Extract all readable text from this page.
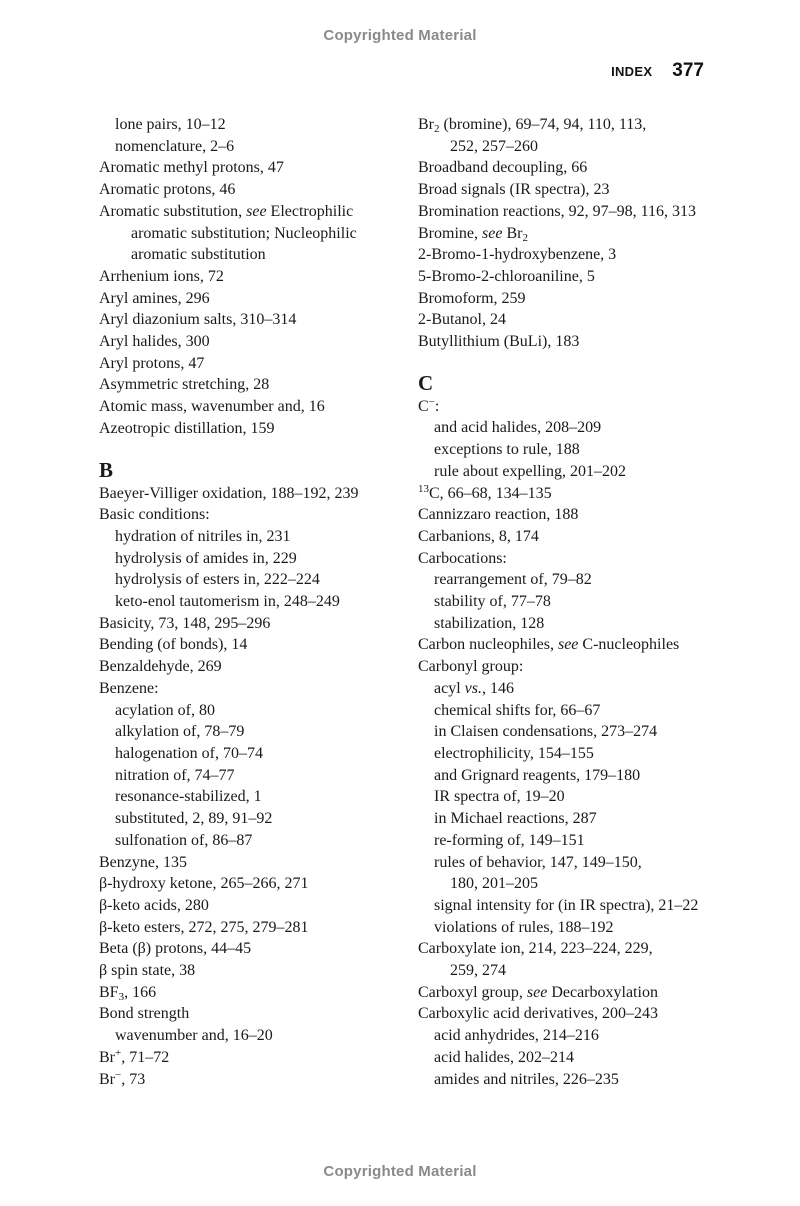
Copyrighted Material
INDEX 377
lone pairs, 10–12
nomenclature, 2–6
Aromatic methyl protons, 47
Aromatic protons, 46
Aromatic substitution, see Electrophilic
aromatic substitution; Nucleophilic
aromatic substitution
Arrhenium ions, 72
Aryl amines, 296
Aryl diazonium salts, 310–314
Aryl halides, 300
Aryl protons, 47
Asymmetric stretching, 28
Atomic mass, wavenumber and, 16
Azeotropic distillation, 159
B
Baeyer-Villiger oxidation, 188–192, 239
Basic conditions:
hydration of nitriles in, 231
hydrolysis of amides in, 229
hydrolysis of esters in, 222–224
keto-enol tautomerism in, 248–249
Basicity, 73, 148, 295–296
Bending (of bonds), 14
Benzaldehyde, 269
Benzene:
acylation of, 80
alkylation of, 78–79
halogenation of, 70–74
nitration of, 74–77
resonance-stabilized, 1
substituted, 2, 89, 91–92
sulfonation of, 86–87
Benzyne, 135
β-hydroxy ketone, 265–266, 271
β-keto acids, 280
β-keto esters, 272, 275, 279–281
Beta (β) protons, 44–45
β spin state, 38
$BF_3$, 166
Bond strength
wavenumber and, 16–20
Br+, 71–72
Br−, 73
$Br_2$ (bromine), 69–74, 94, 110, 113,
252, 257–260
Broadband decoupling, 66
Broad signals (IR spectra), 23
Bromination reactions, 92, 97–98, 116, 313
Bromine, see $Br_2$
2-Bromo-1-hydroxybenzene, 3
5-Bromo-2-chloroaniline, 5
Bromoform, 259
2-Butanol, 24
Butyllithium (BuLi), 183
C
C−:
and acid halides, 208–209
exceptions to rule, 188
rule about expelling, 201–202
$^{13}$C, 66–68, 134–135
Cannizzaro reaction, 188
Carbanions, 8, 174
Carbocations:
rearrangement of, 79–82
stability of, 77–78
stabilization, 128
Carbon nucleophiles, see C-nucleophiles
Carbonyl group:
acyl vs., 146
chemical shifts for, 66–67
in Claisen condensations, 273–274
electrophilicity, 154–155
and Grignard reagents, 179–180
IR spectra of, 19–20
in Michael reactions, 287
re-forming of, 149–151
rules of behavior, 147, 149–150,
180, 201–205
signal intensity for (in IR spectra), 21–22
violations of rules, 188–192
Carboxylate ion, 214, 223–224, 229,
259, 274
Carboxyl group, see Decarboxylation
Carboxylic acid derivatives, 200–243
acid anhydrides, 214–216
acid halides, 202–214
amides and nitriles, 226–235
Copyrighted Material
